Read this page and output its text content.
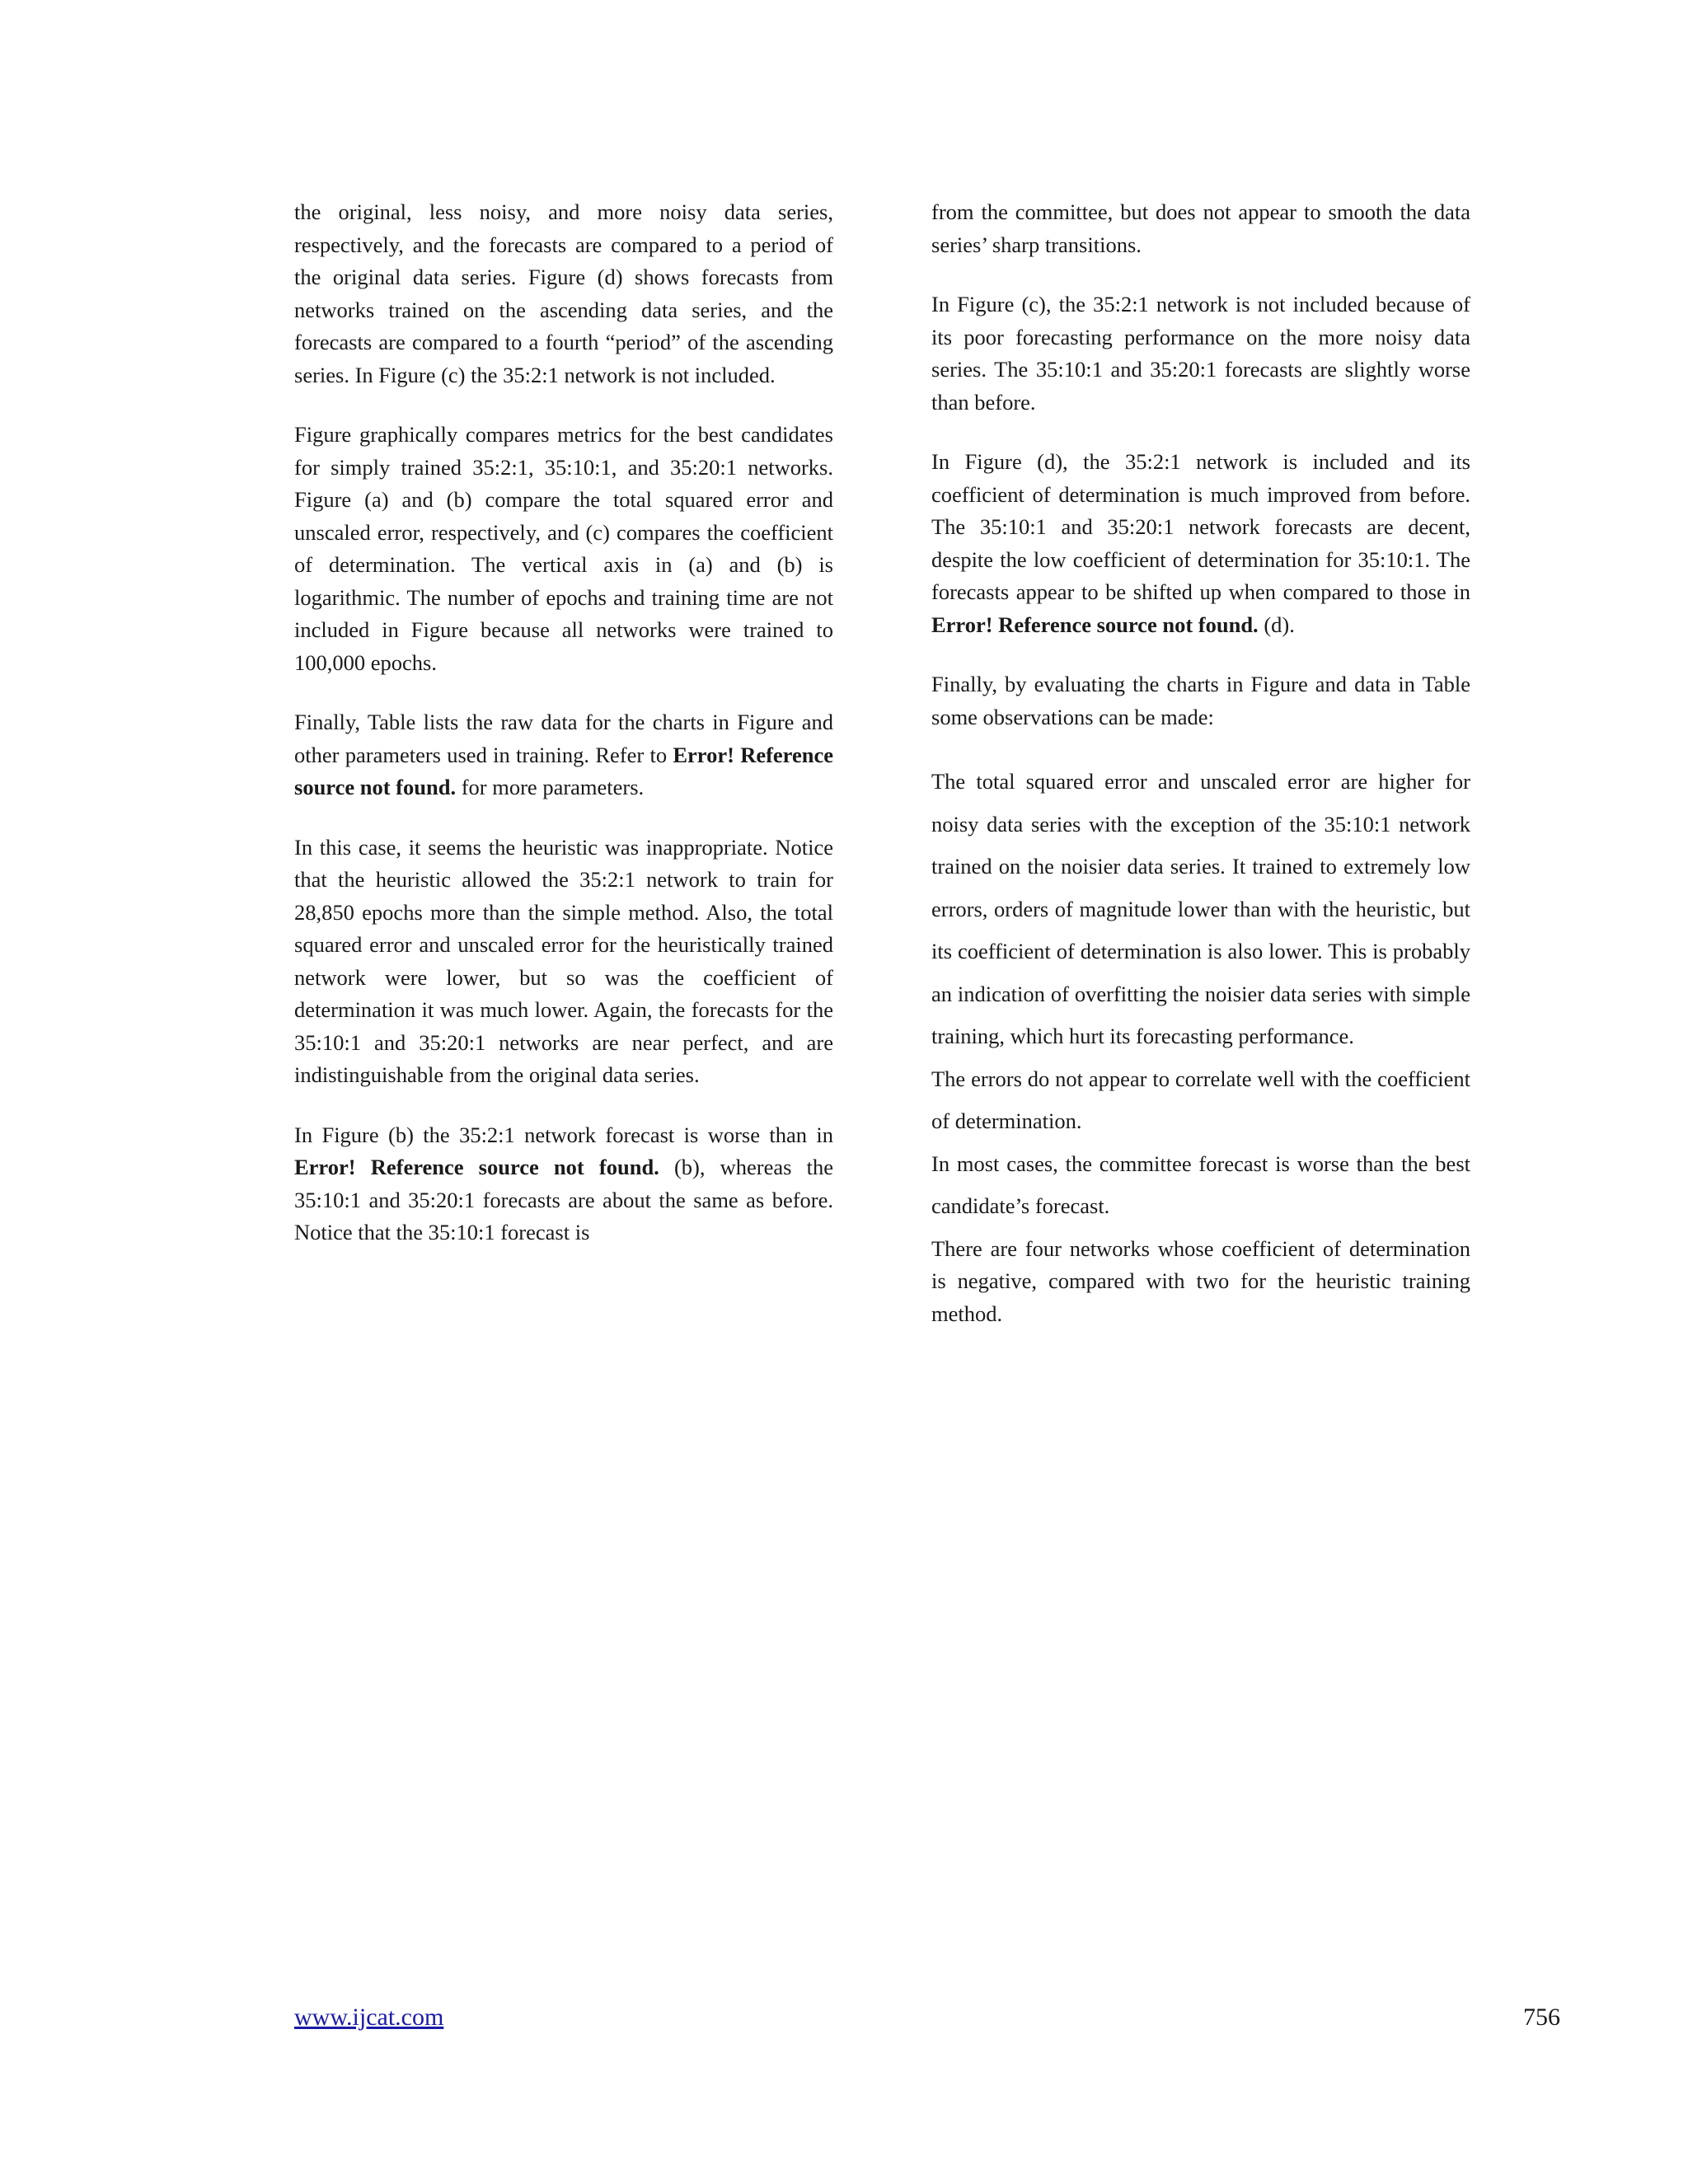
the original, less noisy, and more noisy data series, respectively, and the forecasts are compared to a period of the original data series. Figure (d) shows forecasts from networks trained on the ascending data series, and the forecasts are compared to a fourth “period” of the ascending series. In Figure (c) the 35:2:1 network is not included.

Figure graphically compares metrics for the best candidates for simply trained 35:2:1, 35:10:1, and 35:20:1 networks. Figure (a) and (b) compare the total squared error and unscaled error, respectively, and (c) compares the coefficient of determination. The vertical axis in (a) and (b) is logarithmic. The number of epochs and training time are not included in Figure because all networks were trained to 100,000 epochs.

Finally, Table lists the raw data for the charts in Figure and other parameters used in training. Refer to Error! Reference source not found. for more parameters.

In this case, it seems the heuristic was inappropriate. Notice that the heuristic allowed the 35:2:1 network to train for 28,850 epochs more than the simple method. Also, the total squared error and unscaled error for the heuristically trained network were lower, but so was the coefficient of determination it was much lower. Again, the forecasts for the 35:10:1 and 35:20:1 networks are near perfect, and are indistinguishable from the original data series.

In Figure (b) the 35:2:1 network forecast is worse than in Error! Reference source not found. (b), whereas the 35:10:1 and 35:20:1 forecasts are about the same as before. Notice that the 35:10:1 forecast is

from the committee, but does not appear to smooth the data series’ sharp transitions.

In Figure (c), the 35:2:1 network is not included because of its poor forecasting performance on the more noisy data series. The 35:10:1 and 35:20:1 forecasts are slightly worse than before.

In Figure (d), the 35:2:1 network is included and its coefficient of determination is much improved from before. The 35:10:1 and 35:20:1 network forecasts are decent, despite the low coefficient of determination for 35:10:1. The forecasts appear to be shifted up when compared to those in Error! Reference source not found. (d).

Finally, by evaluating the charts in Figure and data in Table some observations can be made:

The total squared error and unscaled error are higher for noisy data series with the exception of the 35:10:1 network trained on the noisier data series. It trained to extremely low errors, orders of magnitude lower than with the heuristic, but its coefficient of determination is also lower. This is probably an indication of overfitting the noisier data series with simple training, which hurt its forecasting performance.

The errors do not appear to correlate well with the coefficient of determination.

In most cases, the committee forecast is worse than the best candidate’s forecast.

There are four networks whose coefficient of determination is negative, compared with two for the heuristic training method.

www.ijcat.com	756
